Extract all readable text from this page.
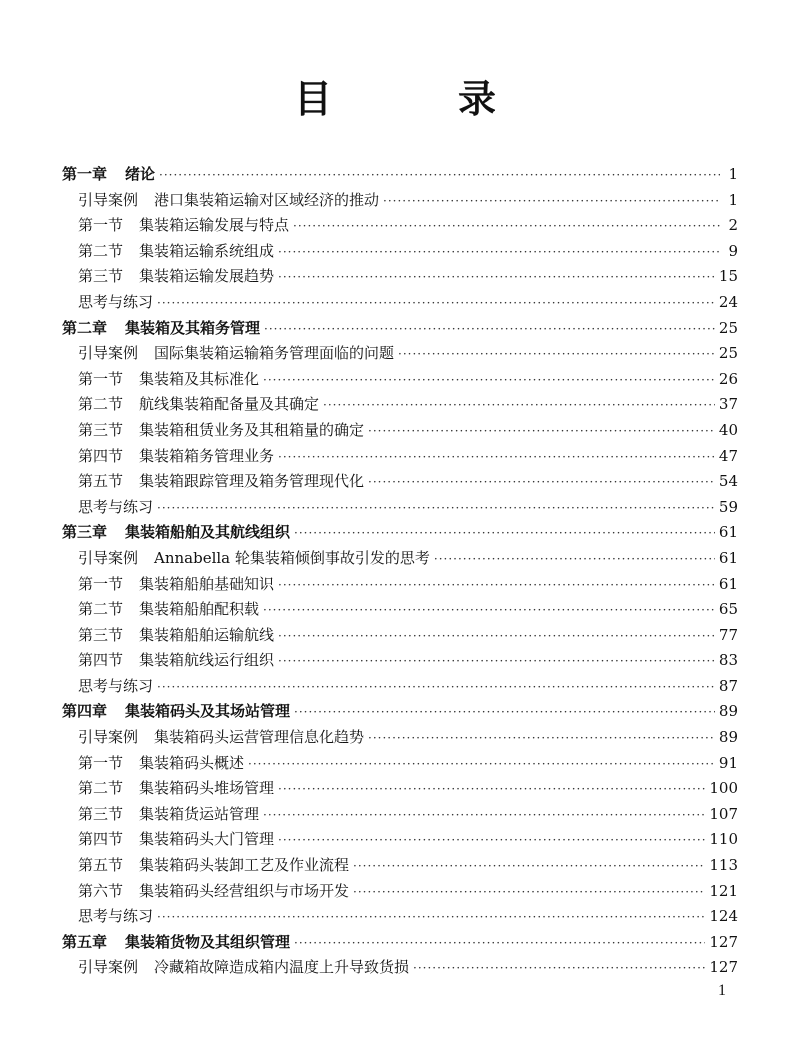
目　录
第一章 绪论 ·····	1
引导案例 港口集装箱运输对区域经济的推动 ·····	1
第一节 集装箱运输发展与特点 ·····	2
第二节 集装箱运输系统组成 ·····	9
第三节 集装箱运输发展趋势 ·····	15
思考与练习 ·····	24
第二章 集装箱及其箱务管理 ·····	25
引导案例 国际集装箱运输箱务管理面临的问题 ·····	25
第一节 集装箱及其标准化 ·····	26
第二节 航线集装箱配备量及其确定 ·····	37
第三节 集装箱租赁业务及其租箱量的确定 ·····	40
第四节 集装箱箱务管理业务 ·····	47
第五节 集装箱跟踪管理及箱务管理现代化 ·····	54
思考与练习 ·····	59
第三章 集装箱船舶及其航线组织 ·····	61
引导案例 Annabella 轮集装箱倾倒事故引发的思考 ·····	61
第一节 集装箱船舶基础知识 ·····	61
第二节 集装箱船舶配积载 ·····	65
第三节 集装箱船舶运输航线 ·····	77
第四节 集装箱航线运行组织 ·····	83
思考与练习 ·····	87
第四章 集装箱码头及其场站管理 ·····	89
引导案例 集装箱码头运营管理信息化趋势 ·····	89
第一节 集装箱码头概述 ·····	91
第二节 集装箱码头堆场管理 ·····	100
第三节 集装箱货运站管理 ·····	107
第四节 集装箱码头大门管理 ·····	110
第五节 集装箱码头装卸工艺及作业流程 ·····	113
第六节 集装箱码头经营组织与市场开发 ·····	121
思考与练习 ·····	124
第五章 集装箱货物及其组织管理 ·····	127
引导案例 冷藏箱故障造成箱内温度上升导致货损 ·····	127
1
